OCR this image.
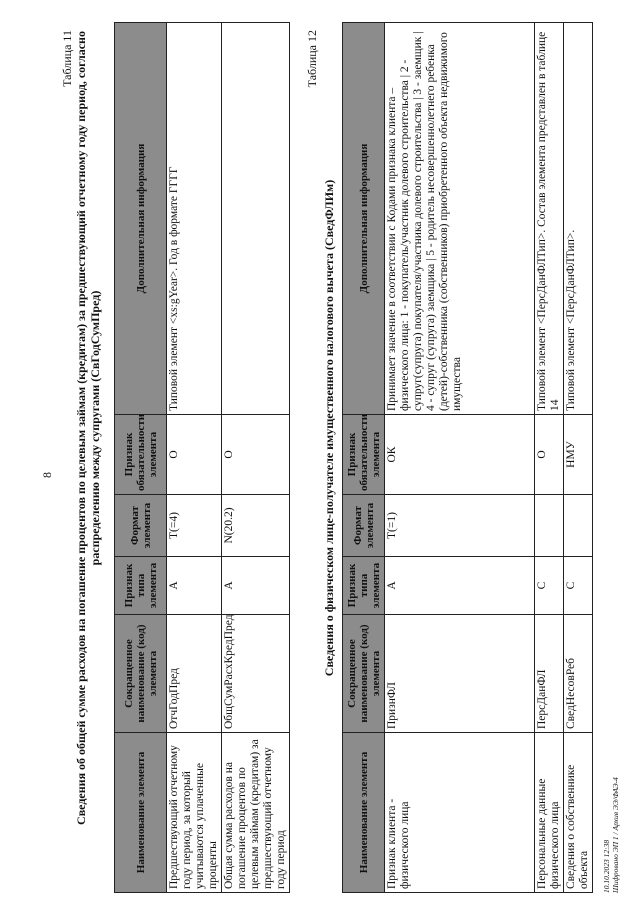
8
Таблица 11 Сведения об общей сумме расходов на погашение процентов по целевым займам (кредитам) за предшествующий отчетному году период, согласно распределению между супругами (СвГодСумПред)
Наименование элемента	Сокращенное наименование (код) элемента	Признак типа элемента	Формат элемента	Признак обязательности элемента	Дополнительная информация
Предшествующий отчетному году период, за который учитываются уплаченные проценты	ОтчГодПред	А	T(=4)	О	Типовой элемент <xs:gYear>. Год в формате ГГГГ
Общая сумма расходов на погашение процентов по целевым займам (кредитам) за предшествующий отчетному году период	ОбщСумРасхКредПред	А	N(20.2)	О	
Таблица 12
Сведения о физическом лице-получателе имущественного налогового вычета (СведФЛИм)
Наименование элемента	Сокращенное наименование (код) элемента	Признак типа элемента	Формат элемента	Признак обязательности элемента	Дополнительная информация
Признак клиента - физического лица	ПризнФЛ	А	T(=1)	ОК	Принимает значение в соответствии с Кодами признака клиента – физического лица: 1 - покупатель/участник долевого строительства | 2 - супруг(супруга) покупателя/участника долевого строительства | 3 - заемщик | 4 - супруг (супруга) заемщика | 5 - родитель несовершеннолетнего ребенка (детей)-собственника (собственников) приобретенного объекта недвижимого имущества
Персональные данные физического лица	ПерсДанФЛ	С		О	Типовой элемент <ПерсДанФЛТип>. Состав элемента представлен в таблице 14
Сведения о собственнике объекта	СведНесовРеб	С		НМУ	Типовой элемент <ПерсДанФЛТип>.
10.10.2023 12:38 Шифровано ЭП 1 / Архив ЭЭ/ФАЭ-4
